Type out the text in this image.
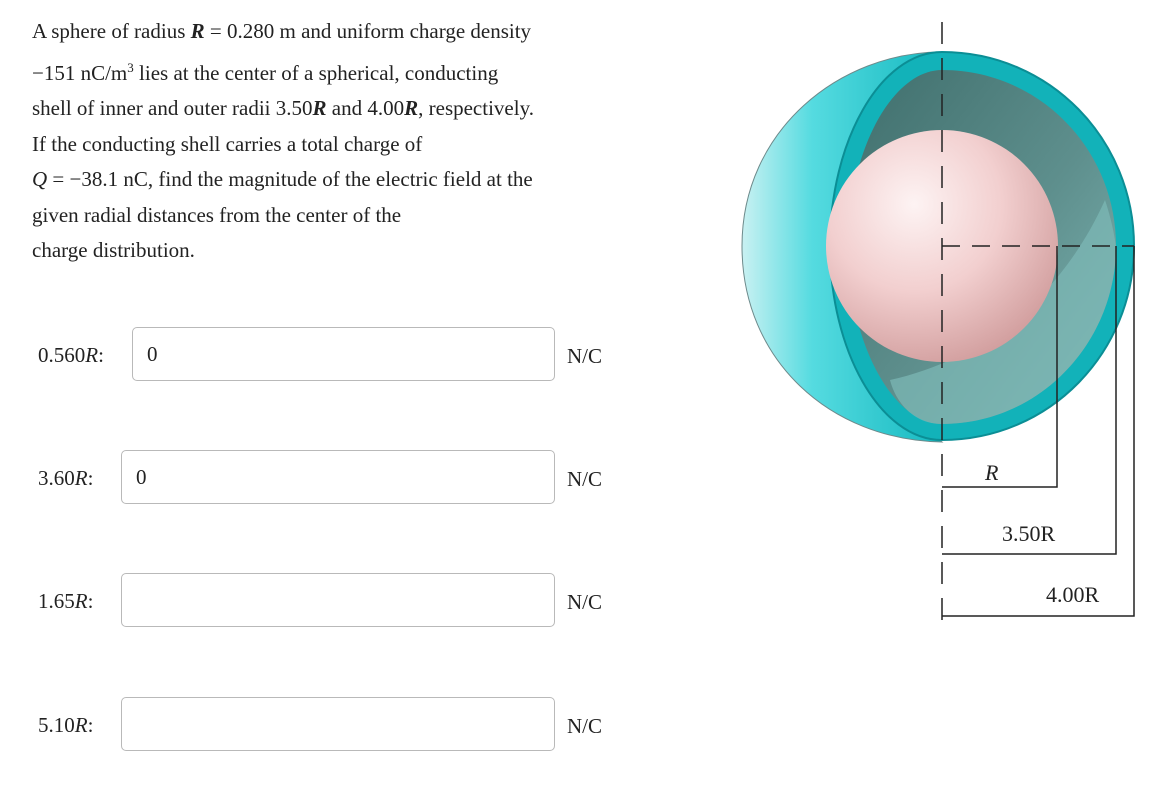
A sphere of radius R = 0.280 m and uniform charge density

−151 $nC/m^3$ lies at the center of a spherical, conducting

shell of inner and outer radii 3.50R and 4.00R, respectively.

If the conducting shell carries a total charge of

Q = −38.1 nC, find the magnitude of the electric field at the

given radial distances from the center of the

charge distribution.

0.560R:
0	N/C
3.60R:
0	N/C
1.65R:	N/C
5.10R:	N/C
R
3.50R
4.00R
